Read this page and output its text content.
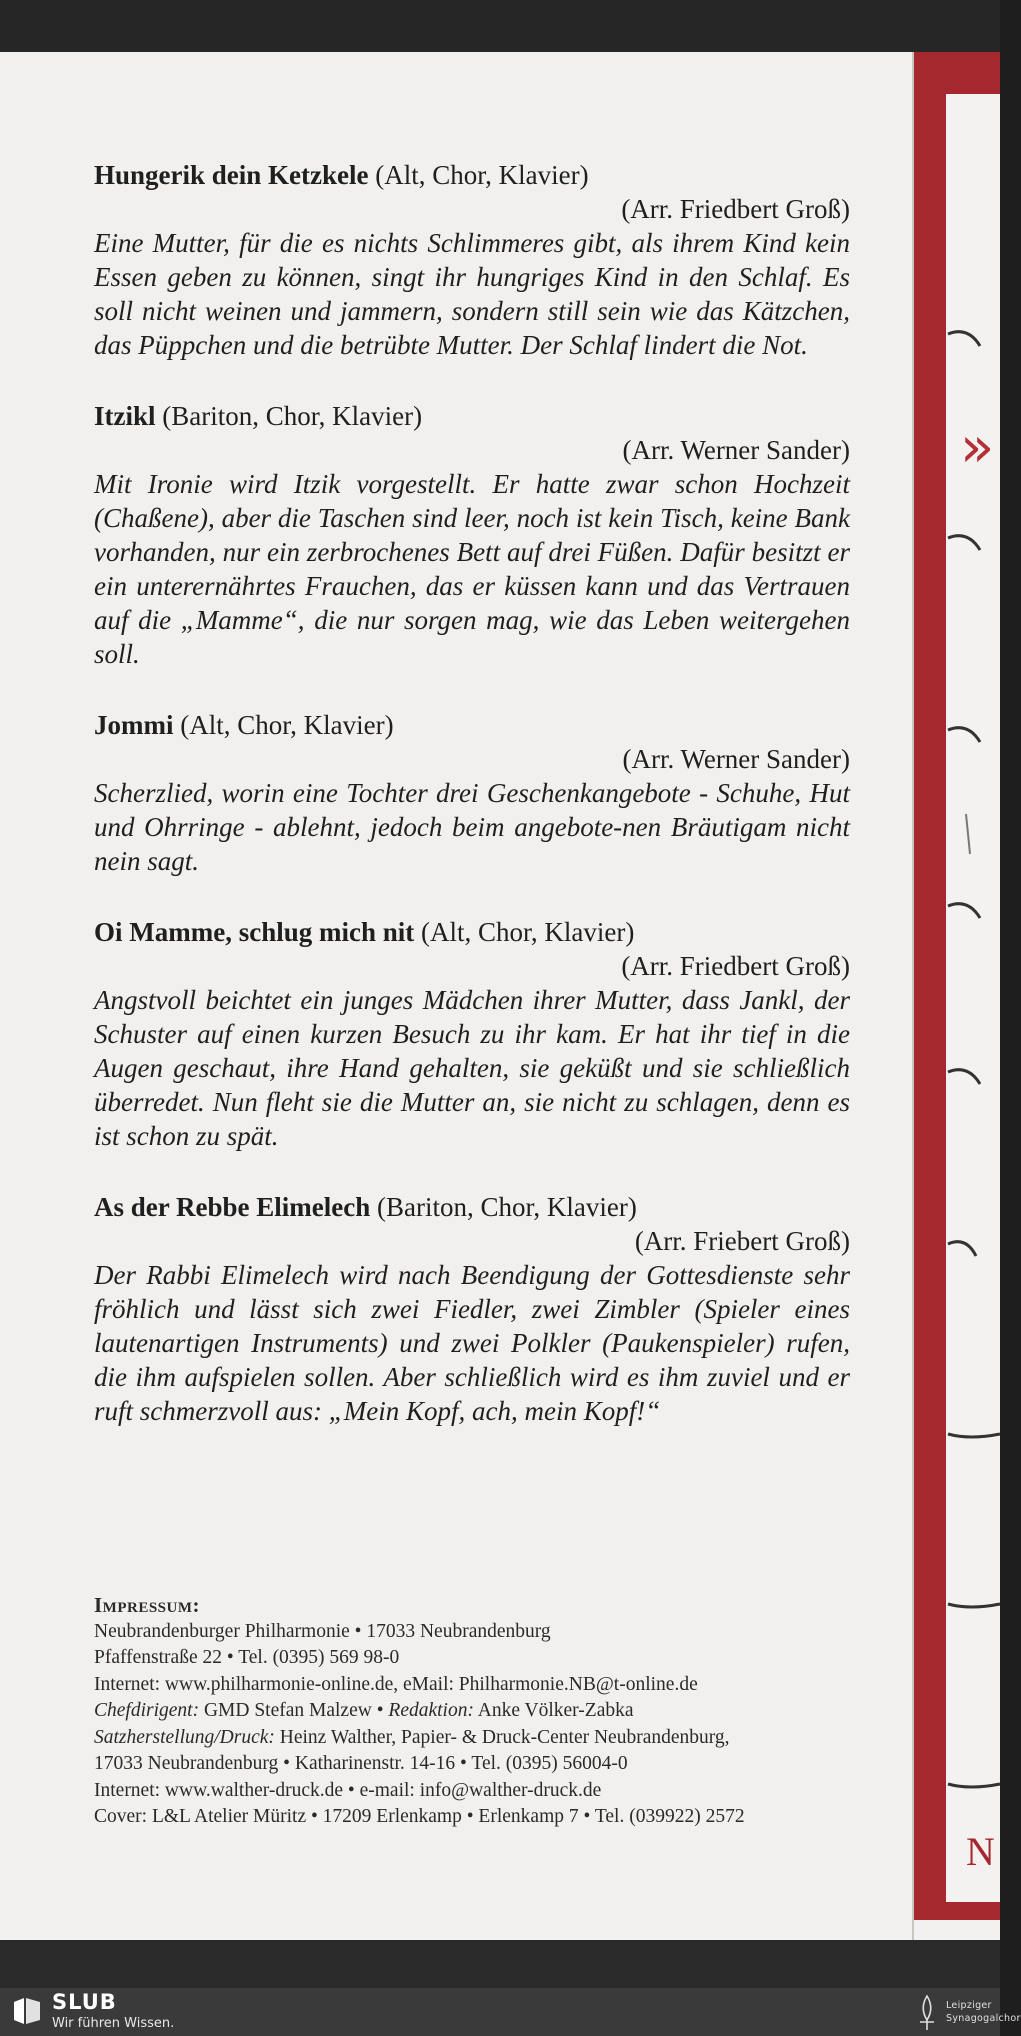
»
N
Hungerik dein Ketzkele (Alt, Chor, Klavier)
(Arr. Friedbert Groß)
Eine Mutter, für die es nichts Schlimmeres gibt, als ihrem Kind kein Essen geben zu können, singt ihr hungriges Kind in den Schlaf. Es soll nicht weinen und jammern, sondern still sein wie das Kätzchen, das Püppchen und die betrübte Mutter. Der Schlaf lindert die Not.
Itzikl (Bariton, Chor, Klavier)
(Arr. Werner Sander)
Mit Ironie wird Itzik vorgestellt. Er hatte zwar schon Hochzeit (Chaßene), aber die Taschen sind leer, noch ist kein Tisch, keine Bank vorhanden, nur ein zerbrochenes Bett auf drei Füßen. Dafür besitzt er ein unterernährtes Frauchen, das er küssen kann und das Vertrauen auf die „Mamme“, die nur sorgen mag, wie das Leben weitergehen soll.
Jommi (Alt, Chor, Klavier)
(Arr. Werner Sander)
Scherzlied, worin eine Tochter drei Geschenkangebote - Schuhe, Hut und Ohrringe - ablehnt, jedoch beim angebote-nen Bräutigam nicht nein sagt.
Oi Mamme, schlug mich nit (Alt, Chor, Klavier)
(Arr. Friedbert Groß)
Angstvoll beichtet ein junges Mädchen ihrer Mutter, dass Jankl, der Schuster auf einen kurzen Besuch zu ihr kam. Er hat ihr tief in die Augen geschaut, ihre Hand gehalten, sie geküßt und sie schließlich überredet. Nun fleht sie die Mutter an, sie nicht zu schlagen, denn es ist schon zu spät.
As der Rebbe Elimelech (Bariton, Chor, Klavier)
(Arr. Friebert Groß)
Der Rabbi Elimelech wird nach Beendigung der Gottesdienste sehr fröhlich und lässt sich zwei Fiedler, zwei Zimbler (Spieler eines lautenartigen Instruments) und zwei Polkler (Paukenspieler) rufen, die ihm aufspielen sollen. Aber schließlich wird es ihm zuviel und er ruft schmerzvoll aus: „Mein Kopf, ach, mein Kopf!“
Impressum:
Neubrandenburger Philharmonie • 17033 Neubrandenburg
Pfaffenstraße 22 • Tel. (0395) 569 98-0
Internet: www.philharmonie-online.de, eMail: Philharmonie.NB@t-online.de
Chefdirigent: GMD Stefan Malzew • Redaktion: Anke Völker-Zabka
Satzherstellung/Druck: Heinz Walther, Papier- & Druck-Center Neubrandenburg,
17033 Neubrandenburg • Katharinenstr. 14-16 • Tel. (0395) 56004-0
Internet: www.walther-druck.de • e-mail: info@walther-druck.de
Cover: L&L Atelier Müritz • 17209 Erlenkamp • Erlenkamp 7 • Tel. (039922) 2572
SLUB
Wir führen Wissen.
Leipziger
Synagogalchor
